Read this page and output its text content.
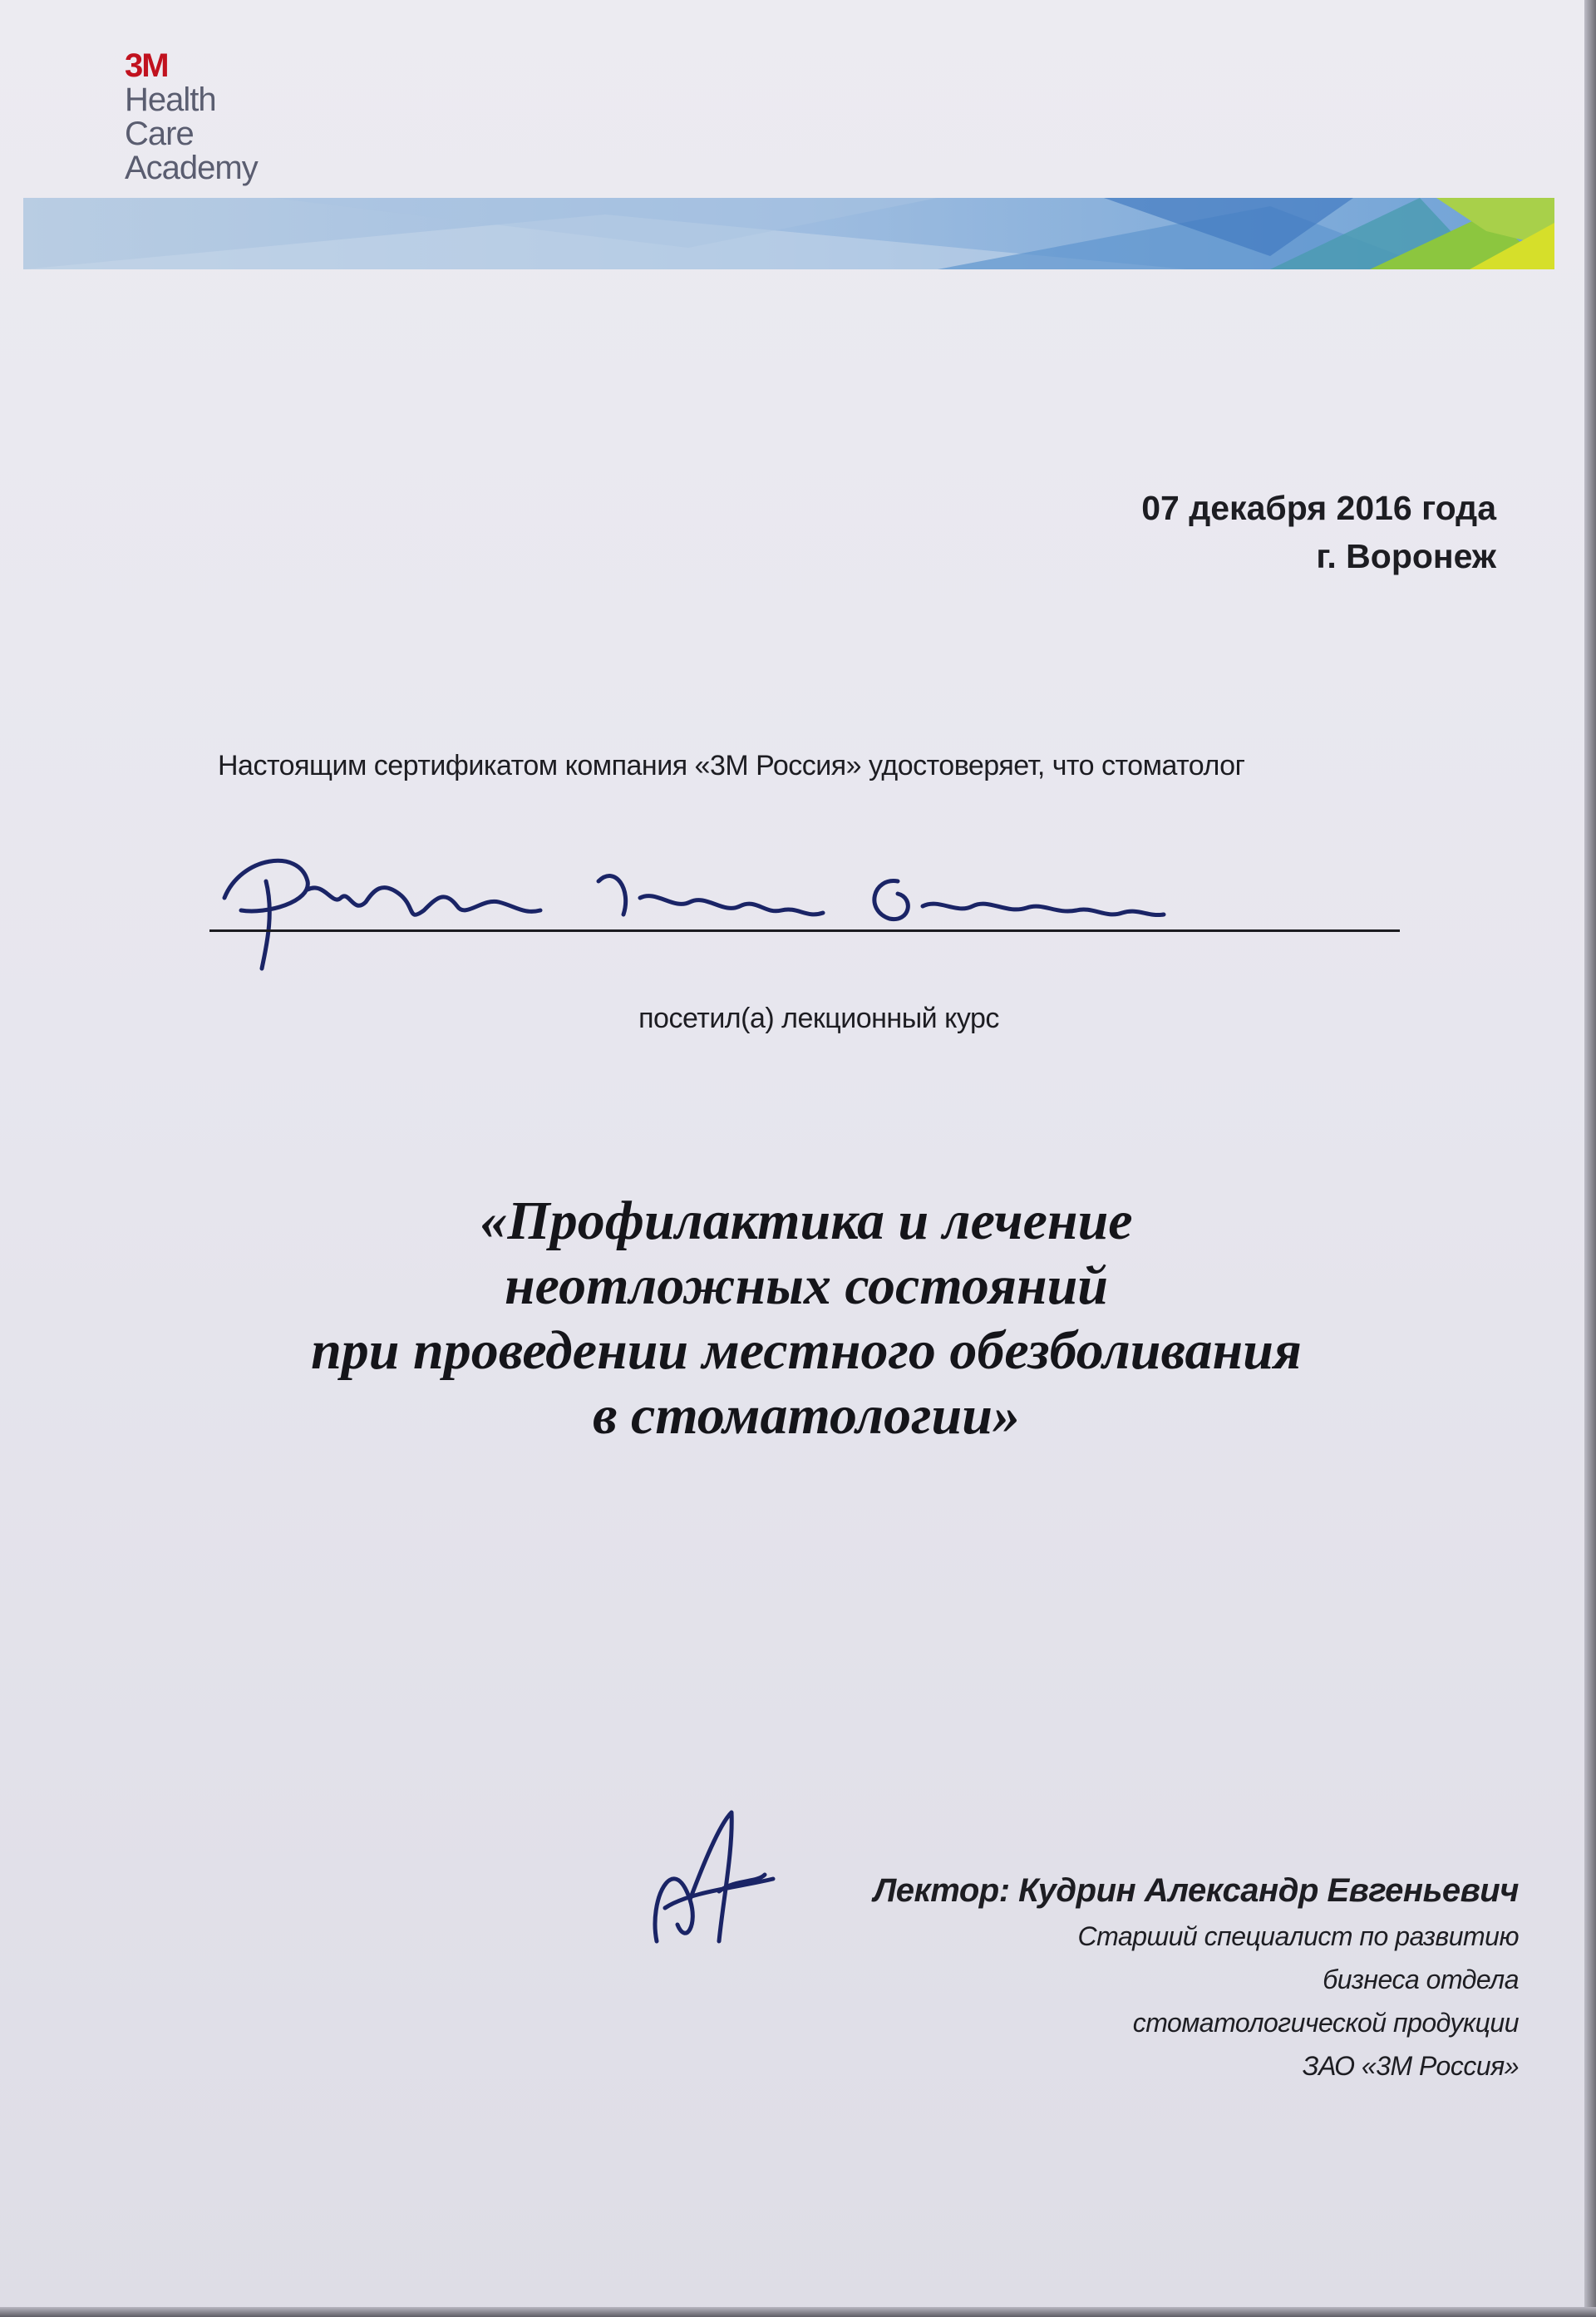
3M
Health
Care
Academy
07 декабря 2016 года
г. Воронеж
Настоящим сертификатом компания «3М Россия» удостоверяет, что стоматолог
посетил(а) лекционный курс
«Профилактика и лечение
неотложных состояний
при проведении местного обезболивания
в стоматологии»
Лектор: Кудрин Александр Евгеньевич
Старший специалист по развитию
бизнеса отдела
стоматологической продукции
ЗАО «3М Россия»
